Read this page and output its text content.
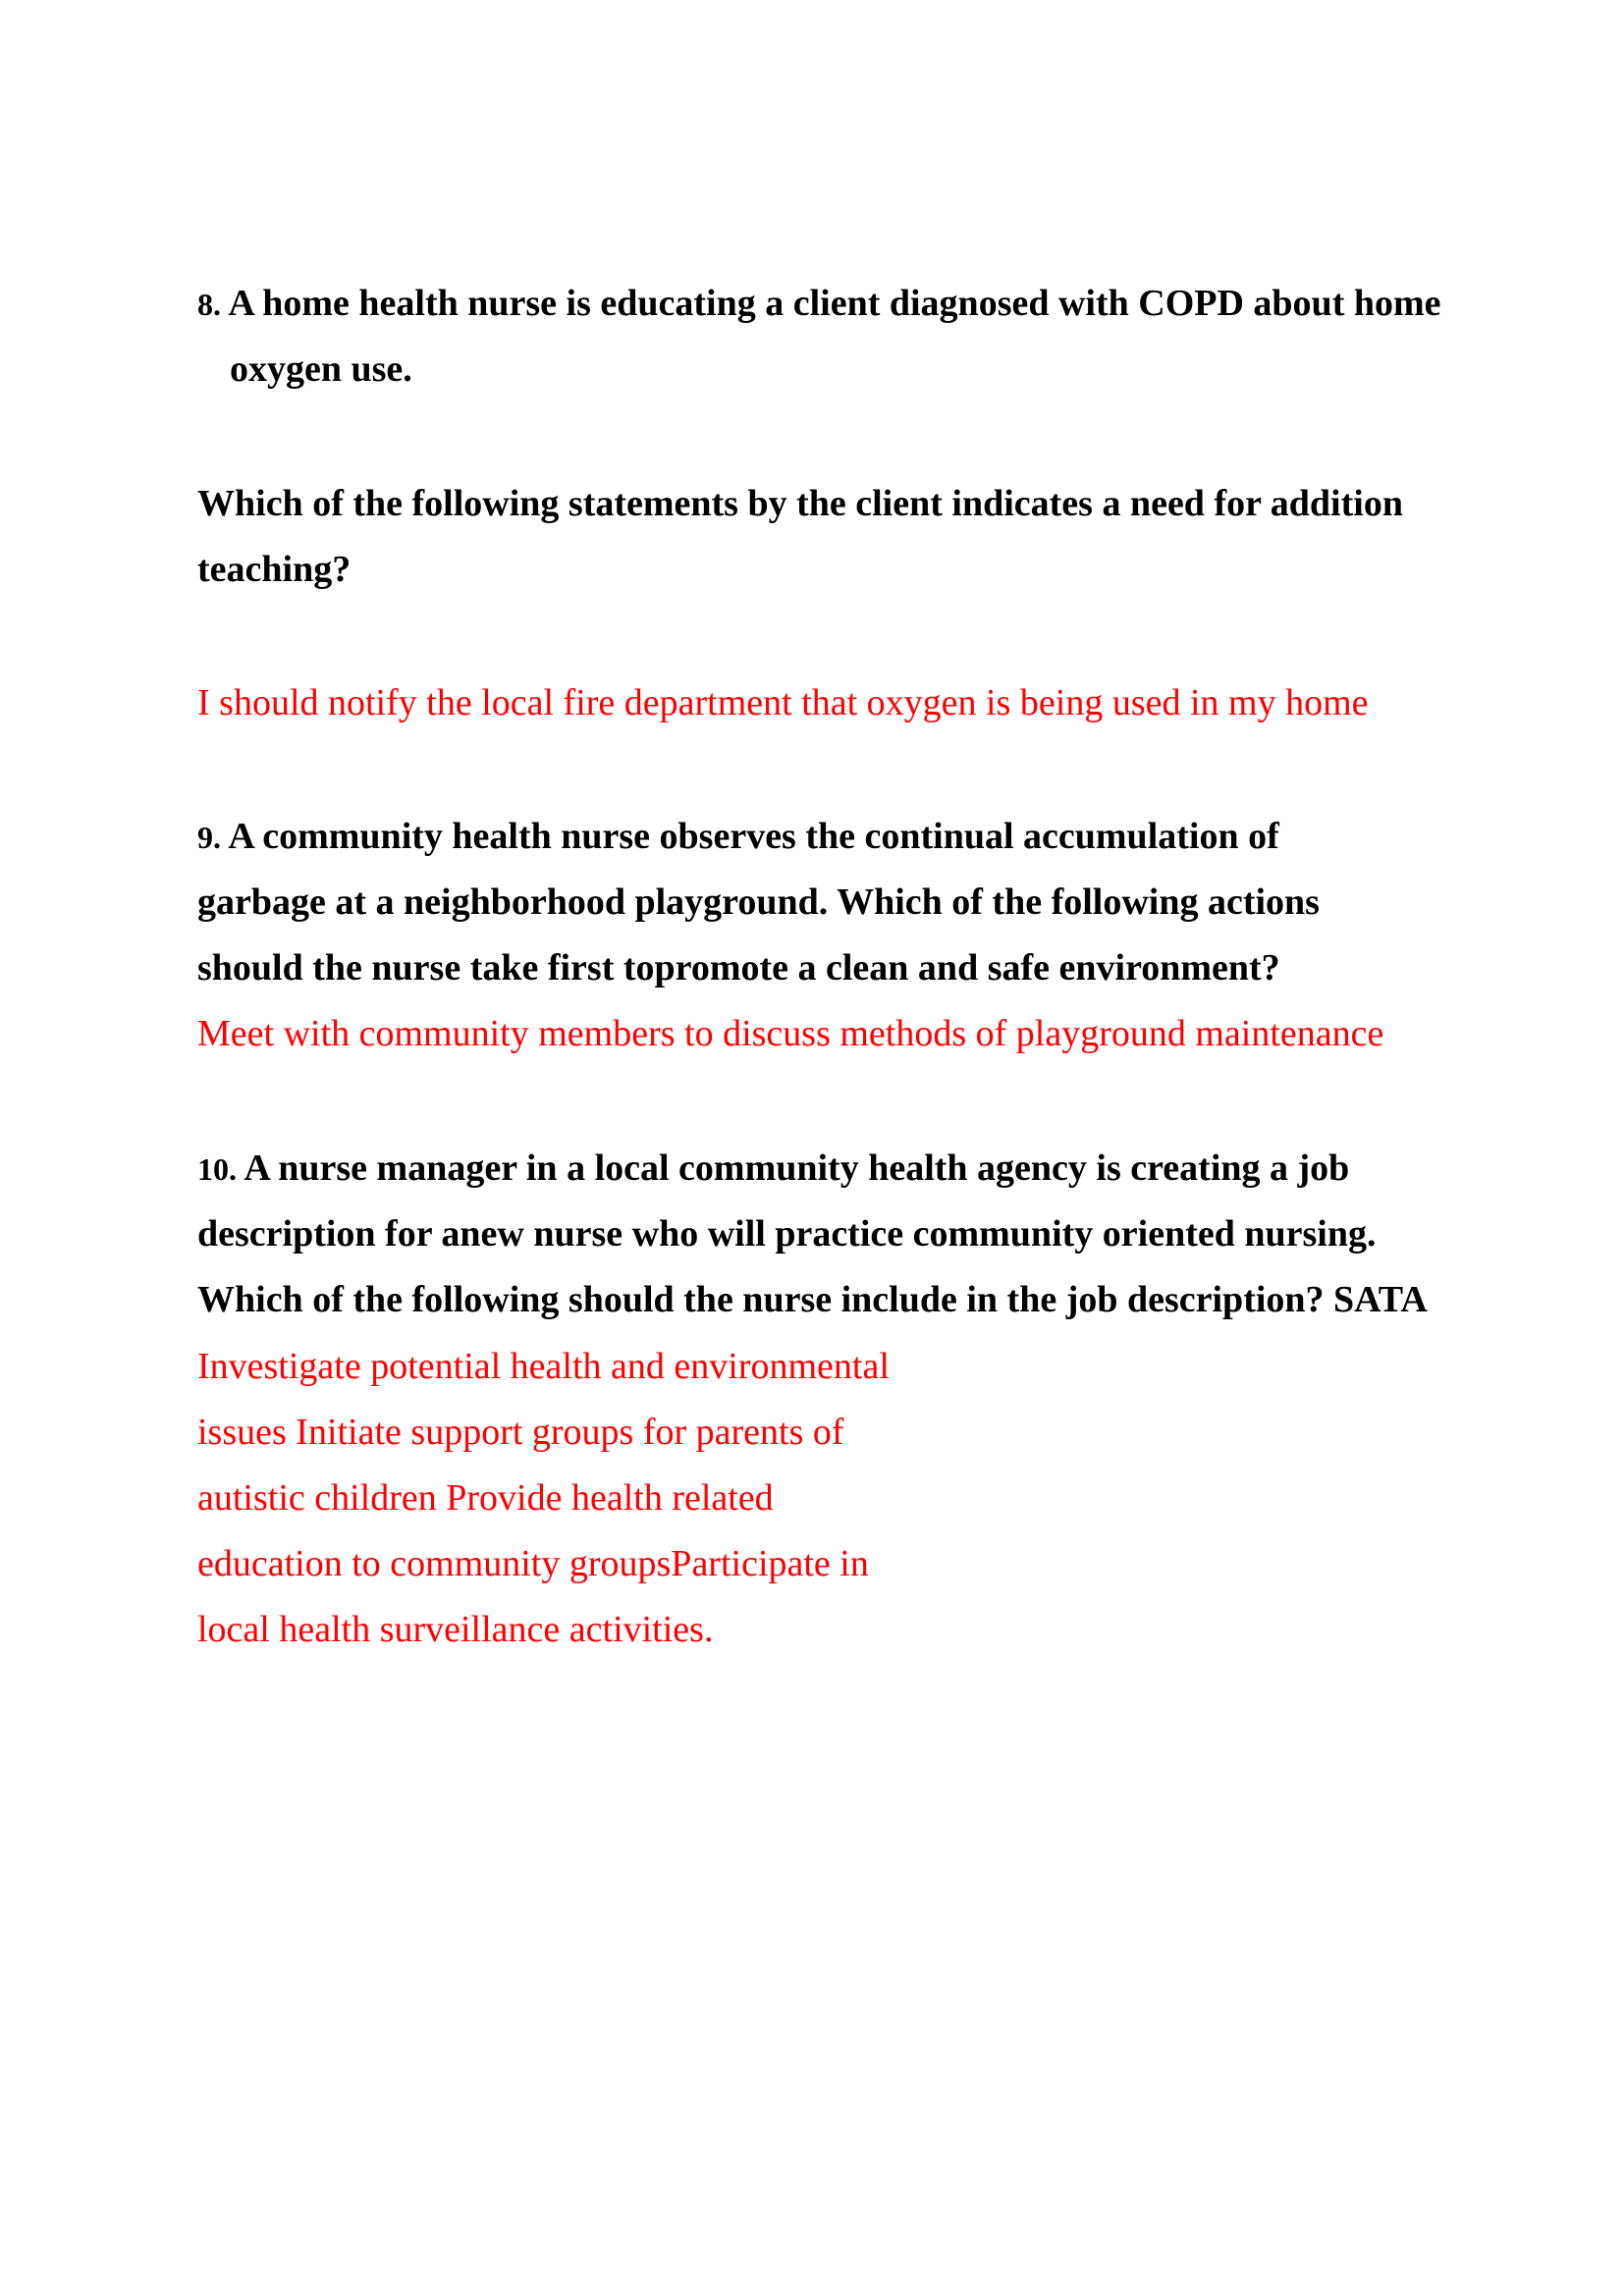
8. A home health nurse is educating a client diagnosed with COPD about home
oxygen use.
Which of the following statements by the client indicates a need for addition
teaching?
I should notify the local fire department that oxygen is being used in my home
9. A community health nurse observes the continual accumulation of
garbage at a neighborhood playground. Which of the following actions
should the nurse take first topromote a clean and safe environment?
Meet with community members to discuss methods of playground maintenance
10. A nurse manager in a local community health agency is creating a job
description for anew nurse who will practice community oriented nursing.
Which of the following should the nurse include in the job description? SATA
Investigate potential health and environmental
issues Initiate support groups for parents of
autistic children Provide health related
education to community groupsParticipate in
local health surveillance activities.
